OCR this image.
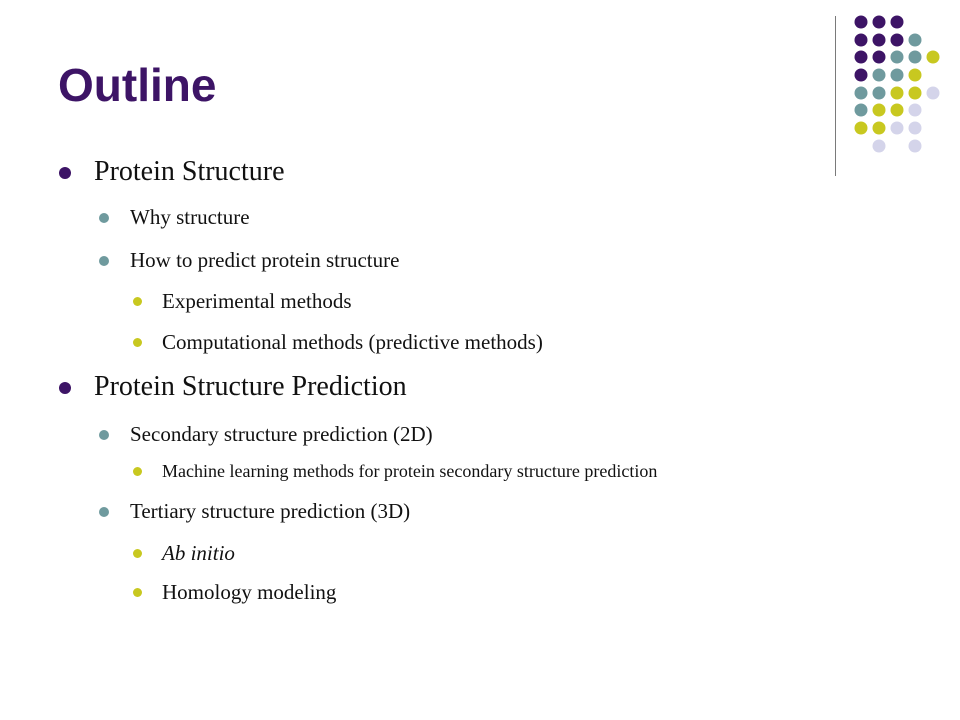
Outline
Protein Structure
Why structure
How to predict protein structure
Experimental methods
Computational methods (predictive methods)
Protein Structure Prediction
Secondary structure prediction (2D)
Machine learning methods for protein secondary structure prediction
Tertiary structure prediction (3D)
Ab initio
Homology modeling
